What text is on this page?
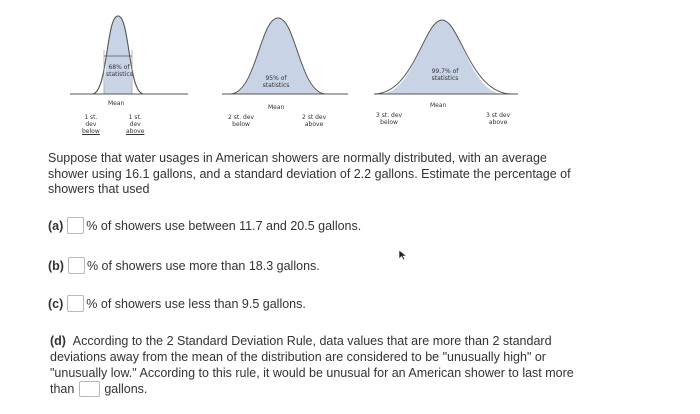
68% of
statistics
Mean
1 st.
dev
below
1 st.
dev
above
95% of
statistics
Mean
2 st. dev
below
2 st dev
above
99.7% of
statistics
Mean
3 st. dev
below
3 st dev
above
Suppose that water usages in American showers are normally distributed, with an average shower using 16.1 gallons, and a standard deviation of 2.2 gallons. Estimate the percentage of showers that used
(a) % of showers use between 11.7 and 20.5 gallons.
(b) % of showers use more than 18.3 gallons.
(c) % of showers use less than 9.5 gallons.
(d) According to the 2 Standard Deviation Rule, data values that are more than 2 standard deviations away from the mean of the distribution are considered to be "unusually high" or "unusually low." According to this rule, it would be unusual for an American shower to last more than gallons.
